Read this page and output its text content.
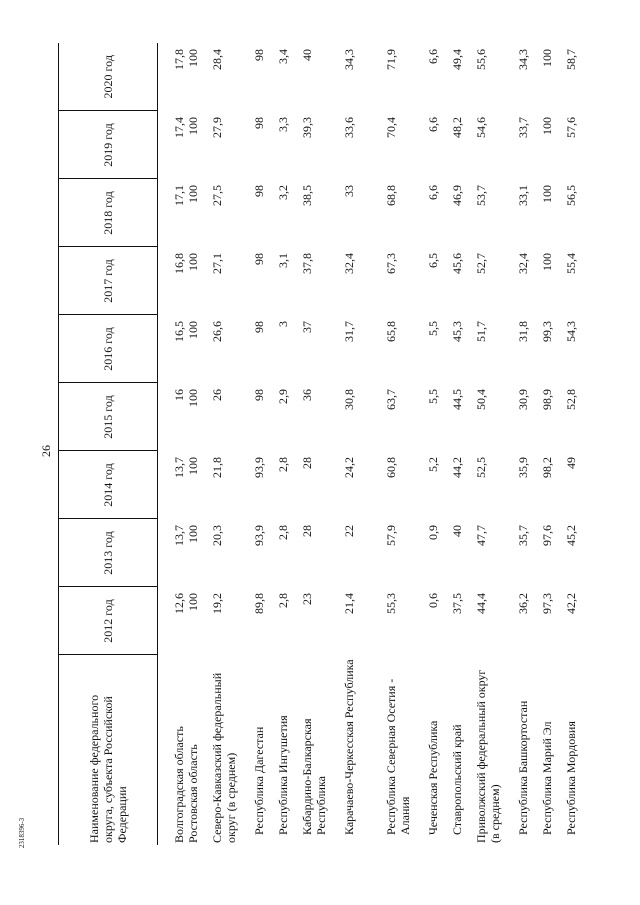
26
2318396-3	Наименование федерального округа, субъекта Российской Федерации	2012 год	2013 год	2014 год	2015 год	2016 год	2017 год	2018 год	2019 год	2020 год
Волгоградская область	12,6	13,7	13,7	16	16,5	16,8	17,1	17,4	17,8
Ростовская область	100	100	100	100	100	100	100	100	100
Северо-Кавказский федеральный округ (в среднем)	19,2	20,3	21,8	26	26,6	27,1	27,5	27,9	28,4
Республика Дагестан	89,8	93,9	93,9	98	98	98	98	98	98
Республика Ингушетия	2,8	2,8	2,8	2,9	3	3,1	3,2	3,3	3,4
Кабардино-Балкарская Республика	23	28	28	36	37	37,8	38,5	39,3	40
Карачаево-Черкесская Республика	21,4	22	24,2	30,8	31,7	32,4	33	33,6	34,3
Республика Северная Осетия - Алания	55,3	57,9	60,8	63,7	65,8	67,3	68,8	70,4	71,9
Чеченская Республика	0,6	0,9	5,2	5,5	5,5	6,5	6,6	6,6	6,6
Ставропольский край	37,5	40	44,2	44,5	45,3	45,6	46,9	48,2	49,4
Приволжский федеральный округ (в среднем)	44,4	47,7	52,5	50,4	51,7	52,7	53,7	54,6	55,6
Республика Башкортостан	36,2	35,7	35,9	30,9	31,8	32,4	33,1	33,7	34,3
Республика Марий Эл	97,3	97,6	98,2	98,9	99,3	100	100	100	100
Республика Мордовия	42,2	45,2	49	52,8	54,3	55,4	56,5	57,6	58,7
